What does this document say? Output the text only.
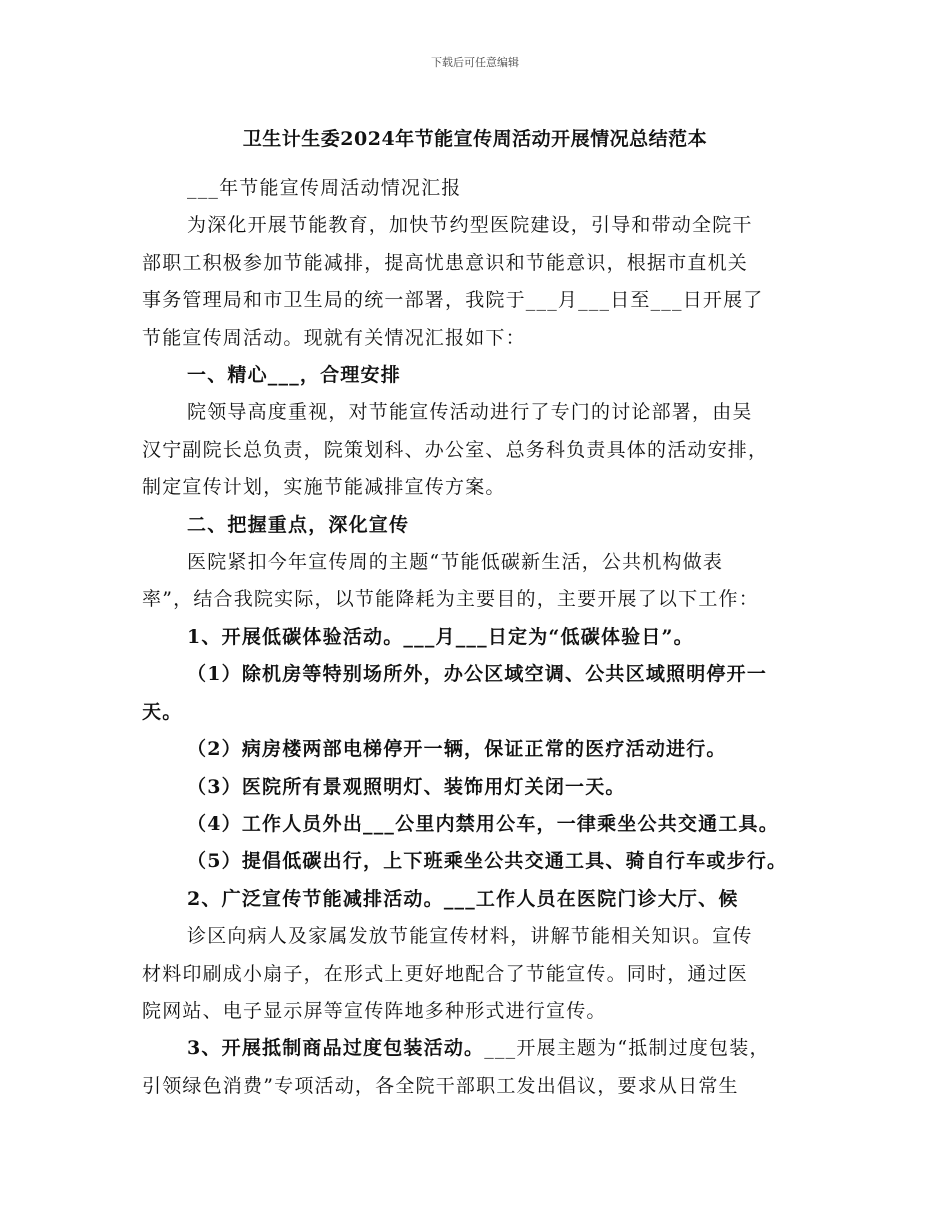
下载后可任意编辑
卫生计生委2024年节能宣传周活动开展情况总结范本
___年节能宣传周活动情况汇报
为深化开展节能教育，加快节约型医院建设，引导和带动全院干
部职工积极参加节能减排，提高忧患意识和节能意识，根据市直机关
事务管理局和市卫生局的统一部署，我院于___月___日至___日开展了
节能宣传周活动。现就有关情况汇报如下：
一、精心___，合理安排
院领导高度重视，对节能宣传活动进行了专门的讨论部署，由吴
汉宁副院长总负责，院策划科、办公室、总务科负责具体的活动安排，
制定宣传计划，实施节能减排宣传方案。
二、把握重点，深化宣传
医院紧扣今年宣传周的主题“节能低碳新生活，公共机构做表
率”，结合我院实际，以节能降耗为主要目的，主要开展了以下工作：
1、开展低碳体验活动。___月___日定为“低碳体验日”。
（1）除机房等特别场所外，办公区域空调、公共区域照明停开一
天。
（2）病房楼两部电梯停开一辆，保证正常的医疗活动进行。
（3）医院所有景观照明灯、装饰用灯关闭一天。
（4）工作人员外出___公里内禁用公车，一律乘坐公共交通工具。
（5）提倡低碳出行，上下班乘坐公共交通工具、骑自行车或步行。
2、广泛宣传节能减排活动。___工作人员在医院门诊大厅、候
诊区向病人及家属发放节能宣传材料，讲解节能相关知识。宣传
材料印刷成小扇子，在形式上更好地配合了节能宣传。同时，通过医
院网站、电子显示屏等宣传阵地多种形式进行宣传。
3、开展抵制商品过度包装活动。___开展主题为“抵制过度包装，
引领绿色消费”专项活动，各全院干部职工发出倡议，要求从日常生
